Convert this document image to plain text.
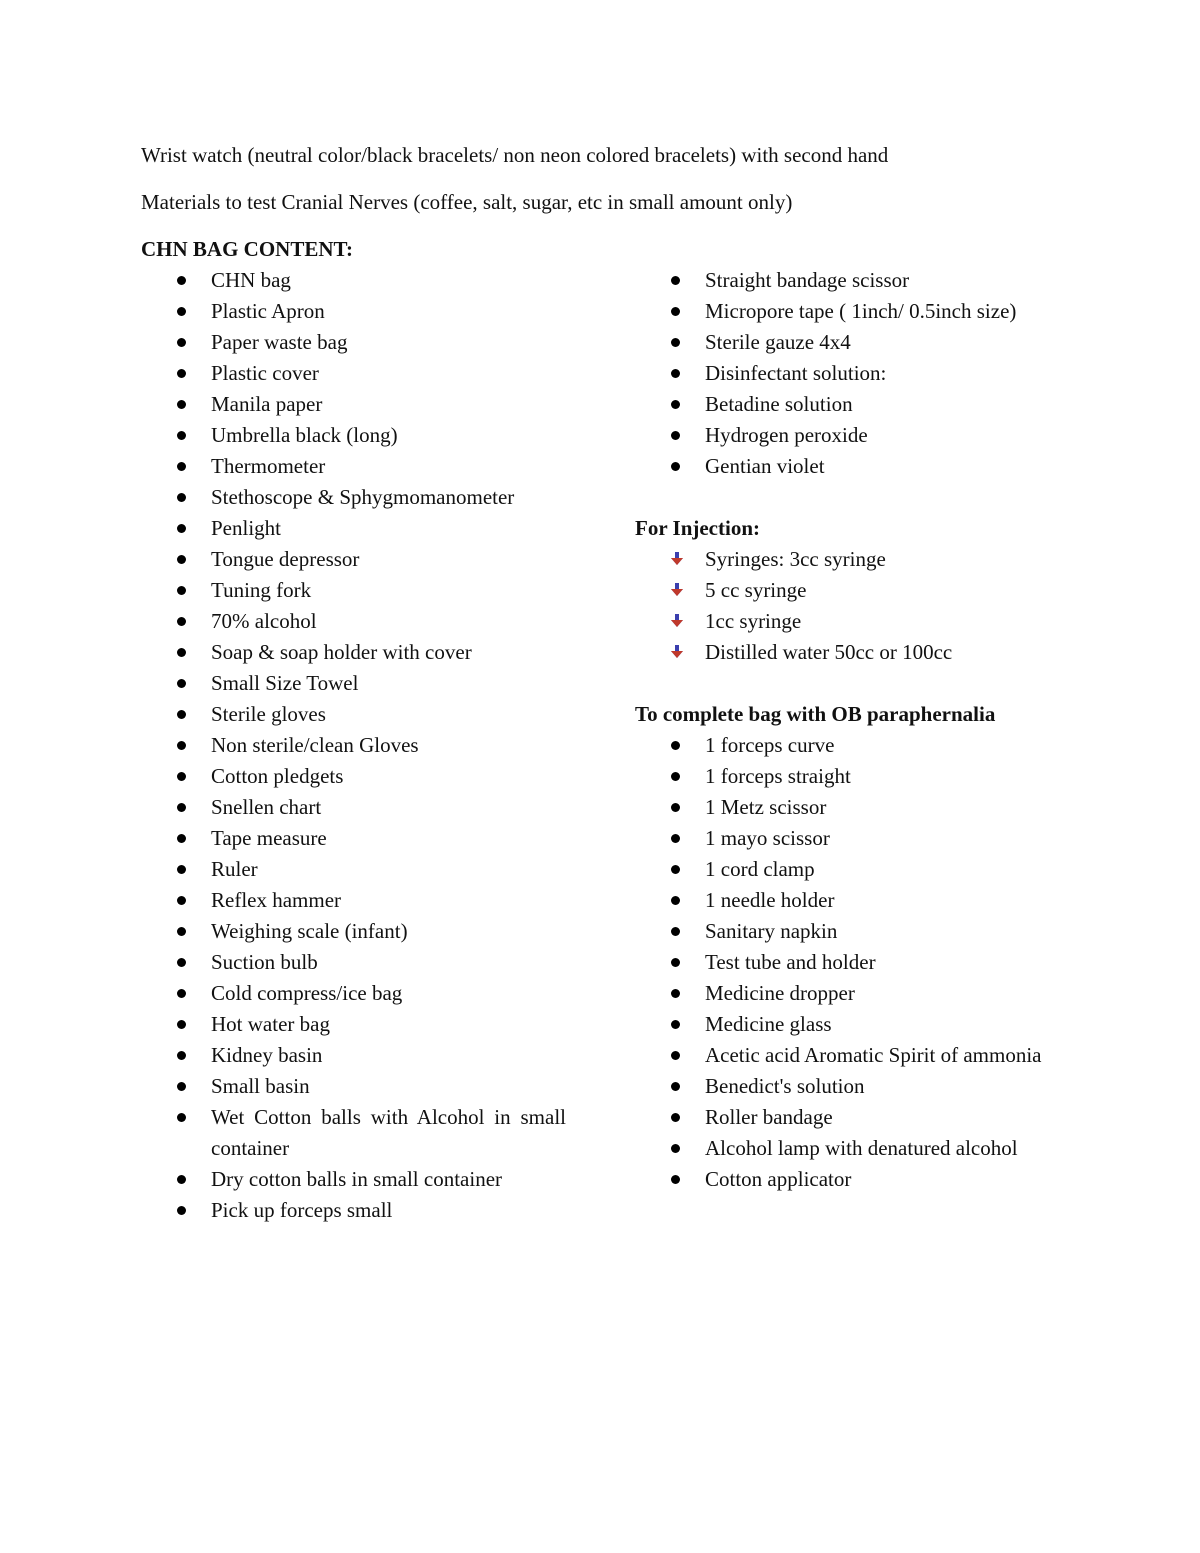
Wrist watch (neutral color/black bracelets/ non neon colored bracelets) with second hand
Materials to test Cranial Nerves (coffee, salt, sugar, etc in small amount only)
CHN BAG CONTENT:
CHN bag
Plastic Apron
Paper waste bag
Plastic cover
Manila paper
Umbrella black (long)
Thermometer
Stethoscope & Sphygmomanometer
Penlight
Tongue depressor
Tuning fork
70% alcohol
Soap & soap holder with cover
Small Size Towel
Sterile gloves
Non sterile/clean Gloves
Cotton pledgets
Snellen chart
Tape measure
Ruler
Reflex hammer
Weighing scale (infant)
Suction bulb
Cold compress/ice bag
Hot water bag
Kidney basin
Small basin
Wet Cotton balls with Alcohol in small container
Dry cotton balls in small container
Pick up forceps small
Straight bandage scissor
Micropore tape ( 1inch/ 0.5inch size)
Sterile gauze 4x4
Disinfectant solution:
Betadine solution
Hydrogen peroxide
Gentian violet
For Injection:
Syringes: 3cc syringe
5 cc syringe
1cc syringe
Distilled water 50cc or 100cc
To complete bag with OB paraphernalia
1 forceps curve
1 forceps straight
1 Metz scissor
1 mayo scissor
1 cord clamp
1 needle holder
Sanitary napkin
Test tube and holder
Medicine dropper
Medicine glass
Acetic acid Aromatic Spirit of ammonia
Benedict's solution
Roller bandage
Alcohol lamp with denatured alcohol
Cotton applicator
